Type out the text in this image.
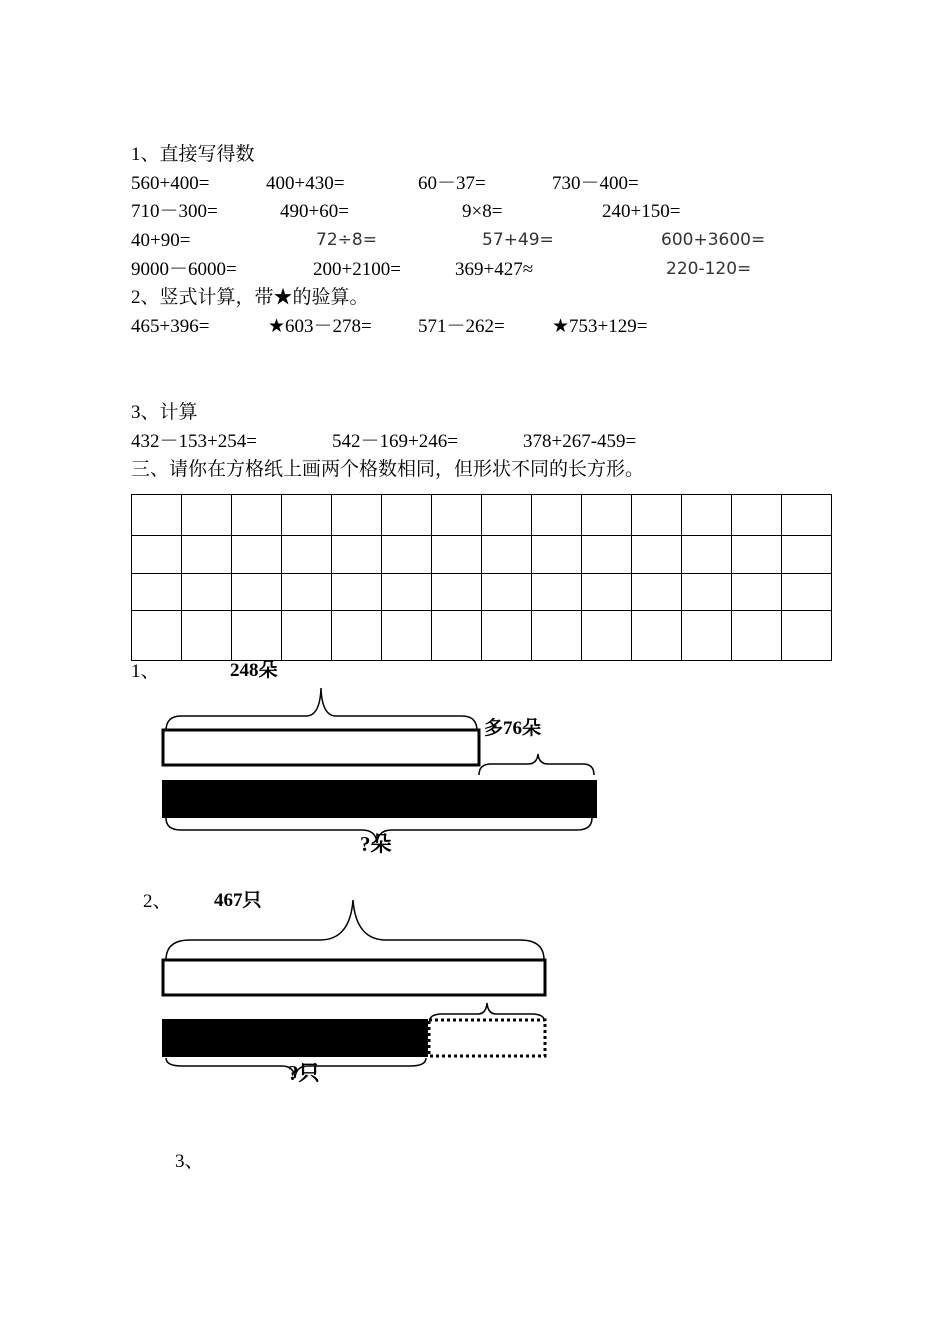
1、直接写得数
560+400=	400+430=	60－37=	730－400=
710－300=	490+60=	9×8=	240+150=
40+90=	72÷8=	57+49=	600+3600=
9000－6000=	200+2100=	369+427≈	220-120=
2、竖式计算，带★的验算。
465+396=	★603－278= 571－262= ★753+129=
3、计算
432－153+254=	542－169+246=	378+267-459=
三、请你在方格纸上画两个格数相同，但形状不同的长方形。

1、	248朵
多76朵
?朵
2、 467只
?只
3、
